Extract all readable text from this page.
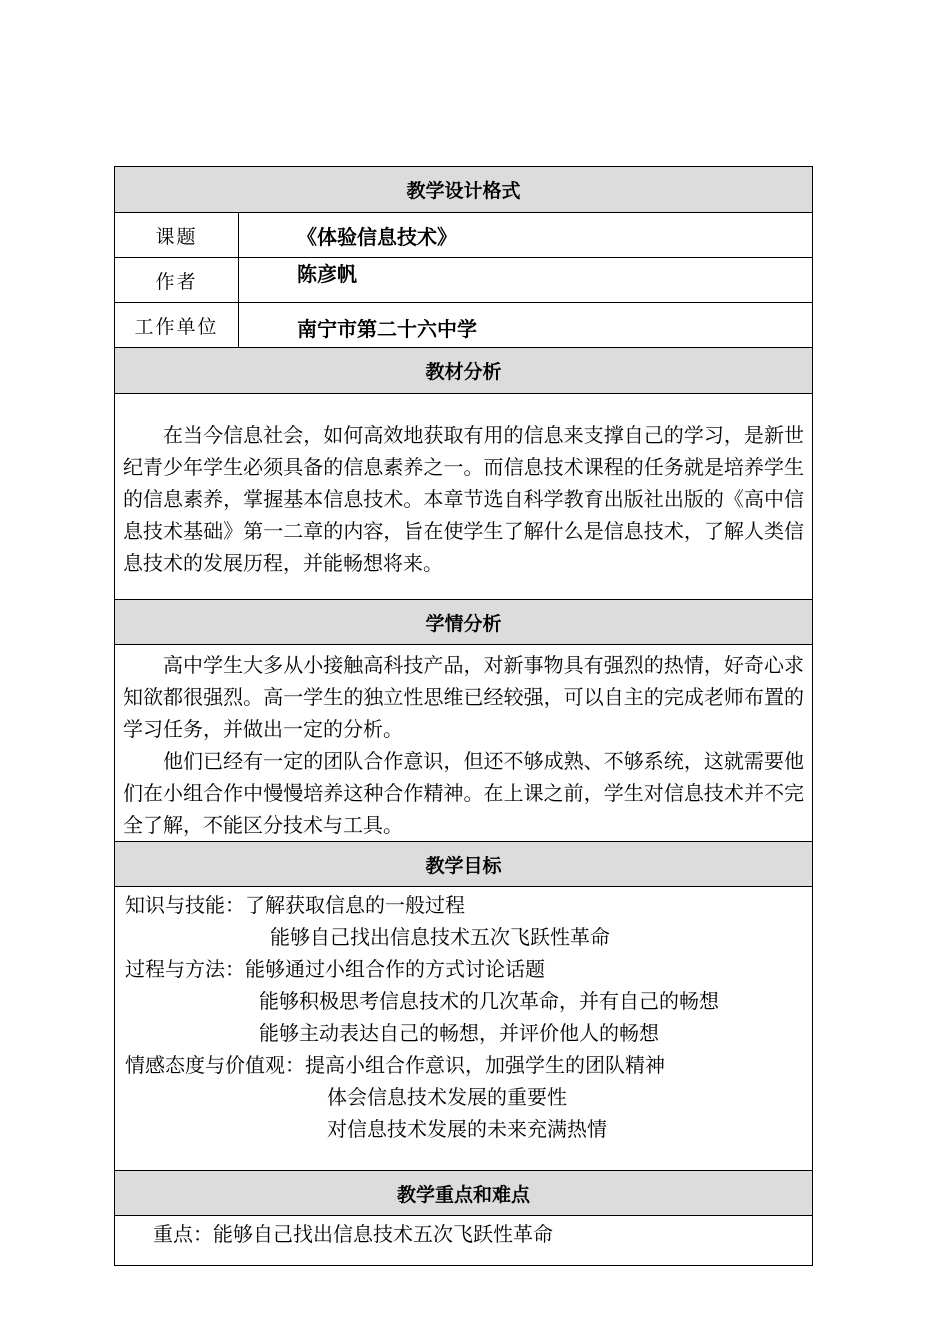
教学设计格式
课题	《体验信息技术》
作者	陈彦帆
工作单位	南宁市第二十六中学
教材分析
在当今信息社会，如何高效地获取有用的信息来支撑自己的学习，是新世纪青少年学生必须具备的信息素养之一。而信息技术课程的任务就是培养学生的信息素养，掌握基本信息技术。本章节选自科学教育出版社出版的《高中信息技术基础》第一二章的内容，旨在使学生了解什么是信息技术，了解人类信息技术的发展历程，并能畅想将来。
学情分析
高中学生大多从小接触高科技产品，对新事物具有强烈的热情，好奇心求知欲都很强烈。高一学生的独立性思维已经较强，可以自主的完成老师布置的学习任务，并做出一定的分析。
他们已经有一定的团队合作意识，但还不够成熟、不够系统，这就需要他们在小组合作中慢慢培养这种合作精神。在上课之前，学生对信息技术并不完全了解，不能区分技术与工具。
教学目标
知识与技能：了解获取信息的一般过程
能够自己找出信息技术五次飞跃性革命
过程与方法：能够通过小组合作的方式讨论话题
能够积极思考信息技术的几次革命，并有自己的畅想
能够主动表达自己的畅想，并评价他人的畅想
情感态度与价值观：提高小组合作意识，加强学生的团队精神
体会信息技术发展的重要性
对信息技术发展的未来充满热情
教学重点和难点
重点：能够自己找出信息技术五次飞跃性革命
